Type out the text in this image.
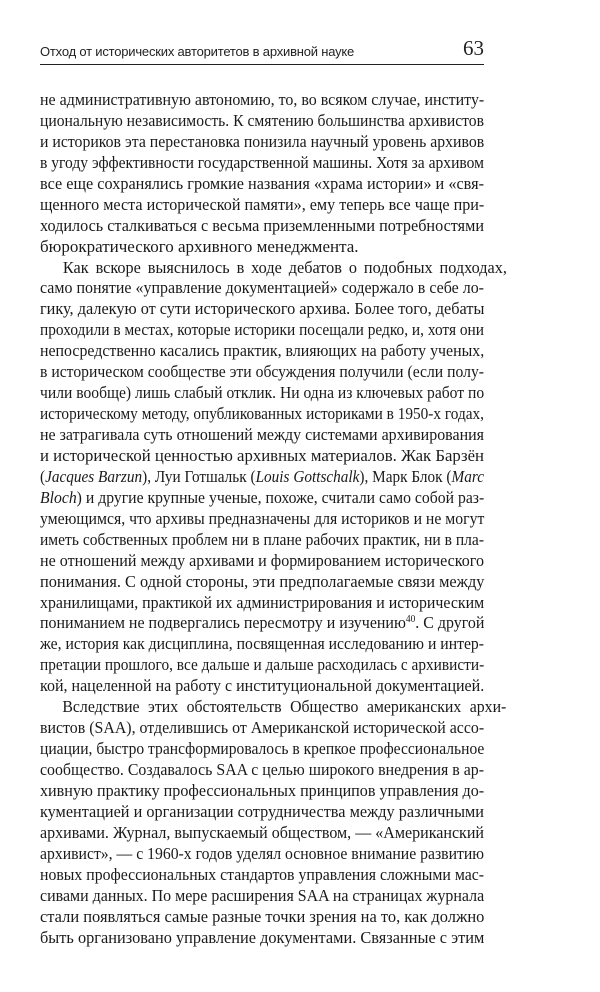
Отход от исторических авторитетов в архивной науке	63
не административную автономию, то, во всяком случае, институ-
циональную независимость. К смятению большинства архивистов
и историков эта перестановка понизила научный уровень архивов
в угоду эффективности государственной машины. Хотя за архивом
все еще сохранялись громкие названия «храма истории» и «свя-
щенного места исторической памяти», ему теперь все чаще при-
ходилось сталкиваться с весьма приземленными потребностями
бюрократического архивного менеджмента.
Как вскоре выяснилось в ходе дебатов о подобных подходах,
само понятие «управление документацией» содержало в себе ло-
гику, далекую от сути исторического архива. Более того, дебаты
проходили в местах, которые историки посещали редко, и, хотя они
непосредственно касались практик, влияющих на работу ученых,
в историческом сообществе эти обсуждения получили (если полу-
чили вообще) лишь слабый отклик. Ни одна из ключевых работ по
историческому методу, опубликованных историками в 1950-х годах,
не затрагивала суть отношений между системами архивирования
и исторической ценностью архивных материалов. Жак Барзён
(Jacques Barzun), Луи Готшальк (Louis Gottschalk), Марк Блок (Marc
Bloch) и другие крупные ученые, похоже, считали само собой раз-
умеющимся, что архивы предназначены для историков и не могут
иметь собственных проблем ни в плане рабочих практик, ни в пла-
не отношений между архивами и формированием исторического
понимания. С одной стороны, эти предполагаемые связи между
хранилищами, практикой их администрирования и историческим
пониманием не подвергались пересмотру и изучению$^{40}$. С другой
же, история как дисциплина, посвященная исследованию и интер-
претации прошлого, все дальше и дальше расходилась с архивисти-
кой, нацеленной на работу с институциональной документацией.
Вследствие этих обстоятельств Общество американских архи-
вистов (SAA), отделившись от Американской исторической ассо-
циации, быстро трансформировалось в крепкое профессиональное
сообщество. Создавалось SAA с целью широкого внедрения в ар-
хивную практику профессиональных принципов управления до-
кументацией и организации сотрудничества между различными
архивами. Журнал, выпускаемый обществом, — «Американский
архивист», — с 1960-х годов уделял основное внимание развитию
новых профессиональных стандартов управления сложными мас-
сивами данных. По мере расширения SAA на страницах журнала
стали появляться самые разные точки зрения на то, как должно
быть организовано управление документами. Связанные с этим
